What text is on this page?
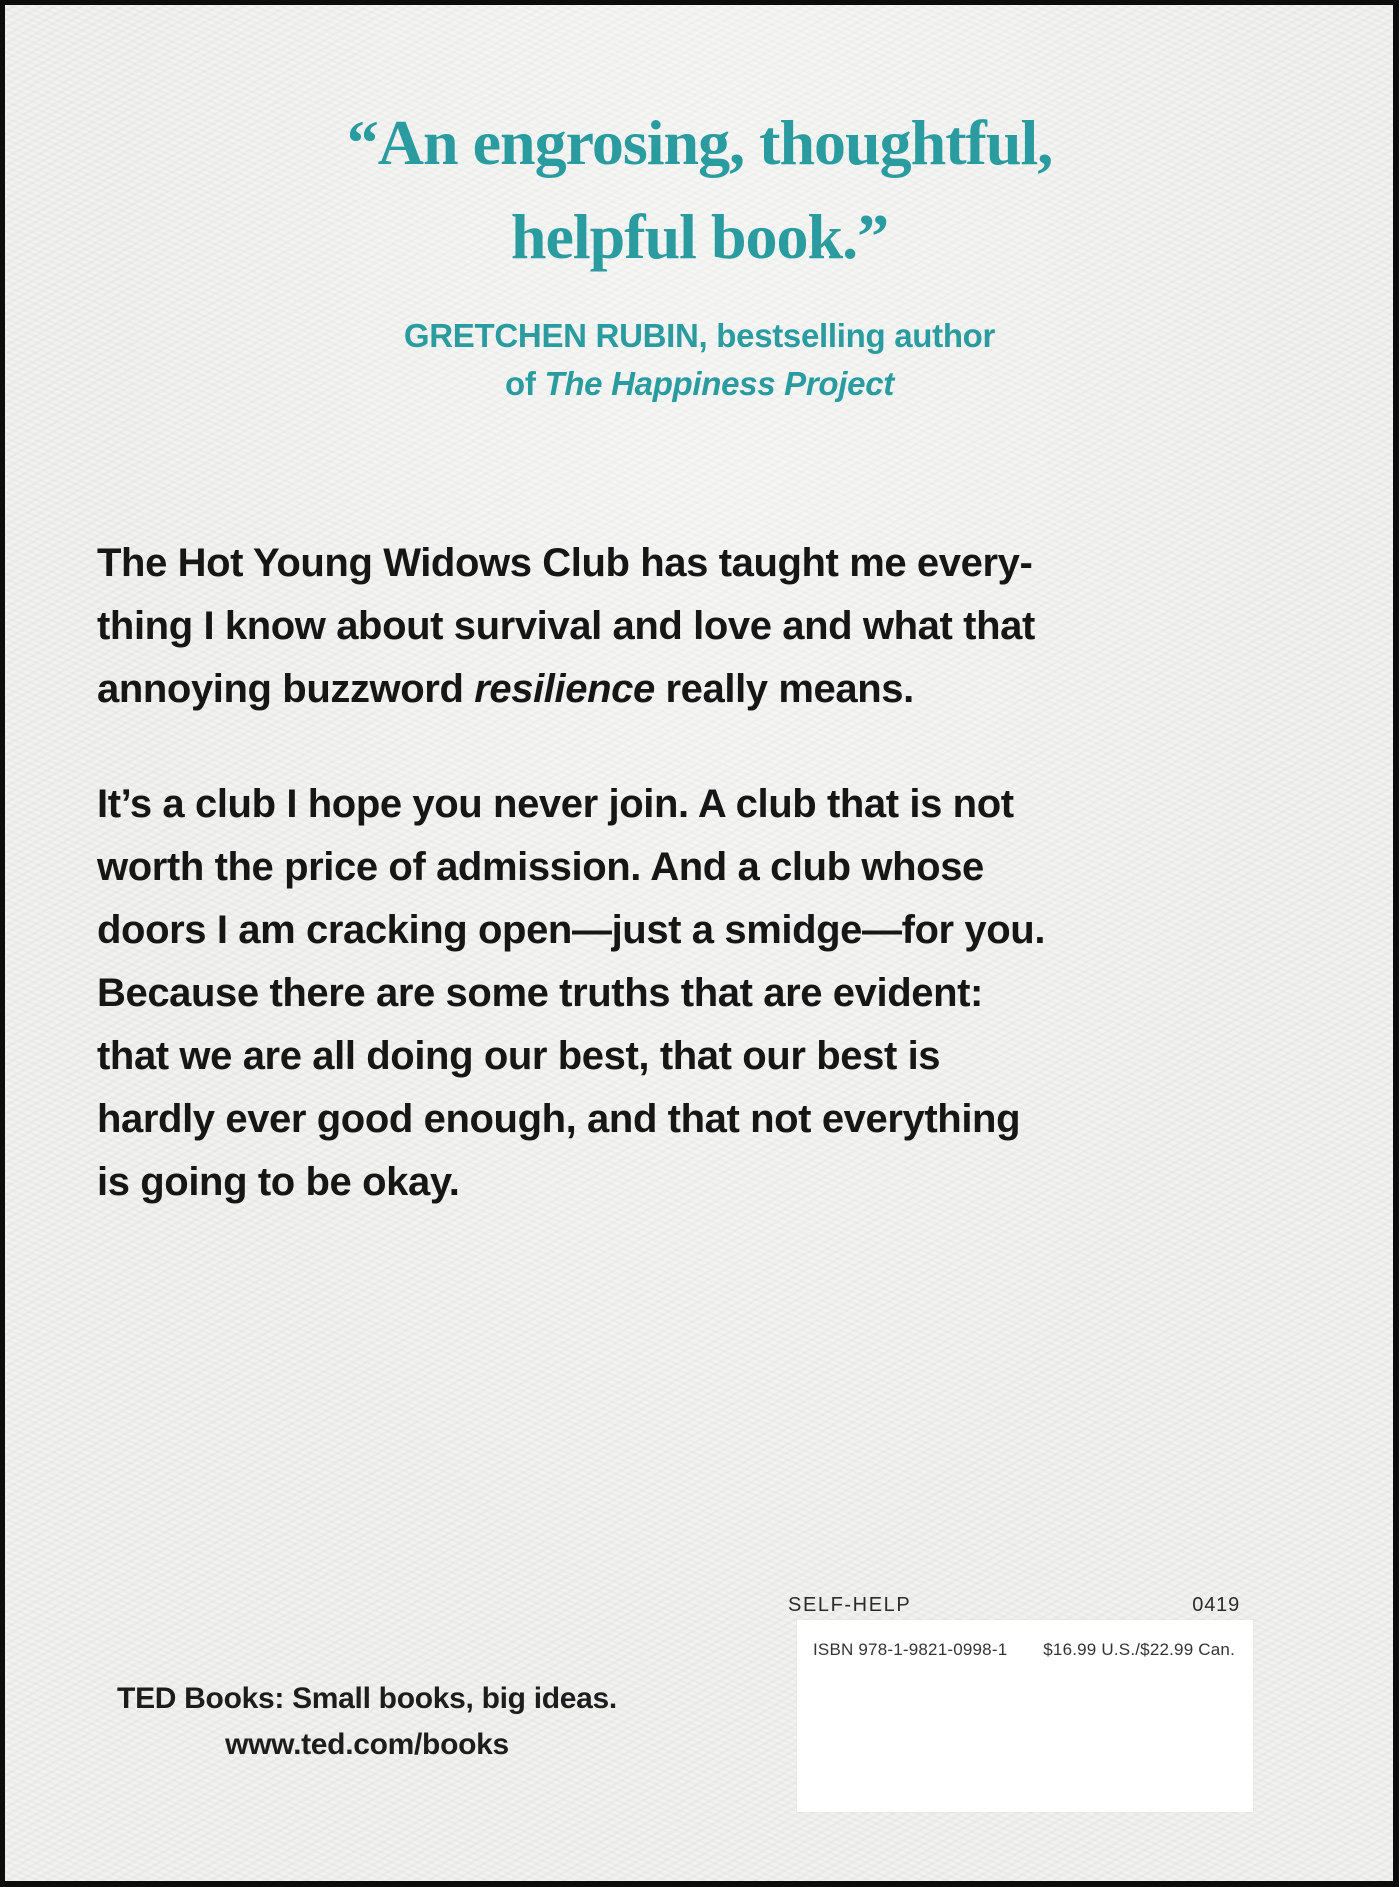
“An engrosing, thoughtful,
helpful book.”
GRETCHEN RUBIN, bestselling author
of The Happiness Project
The Hot Young Widows Club has taught me every-
thing I know about survival and love and what that
annoying buzzword resilience really means.
It’s a club I hope you never join. A club that is not
worth the price of admission. And a club whose
doors I am cracking open—just a smidge—for you.
Because there are some truths that are evident:
that we are all doing our best, that our best is
hardly ever good enough, and that not everything
is going to be okay.
SELF-HELP	0419
ISBN 978-1-9821-0998-1 $16.99 U.S./$22.99 Can.
TED Books: Small books, big ideas.
www.ted.com/books
